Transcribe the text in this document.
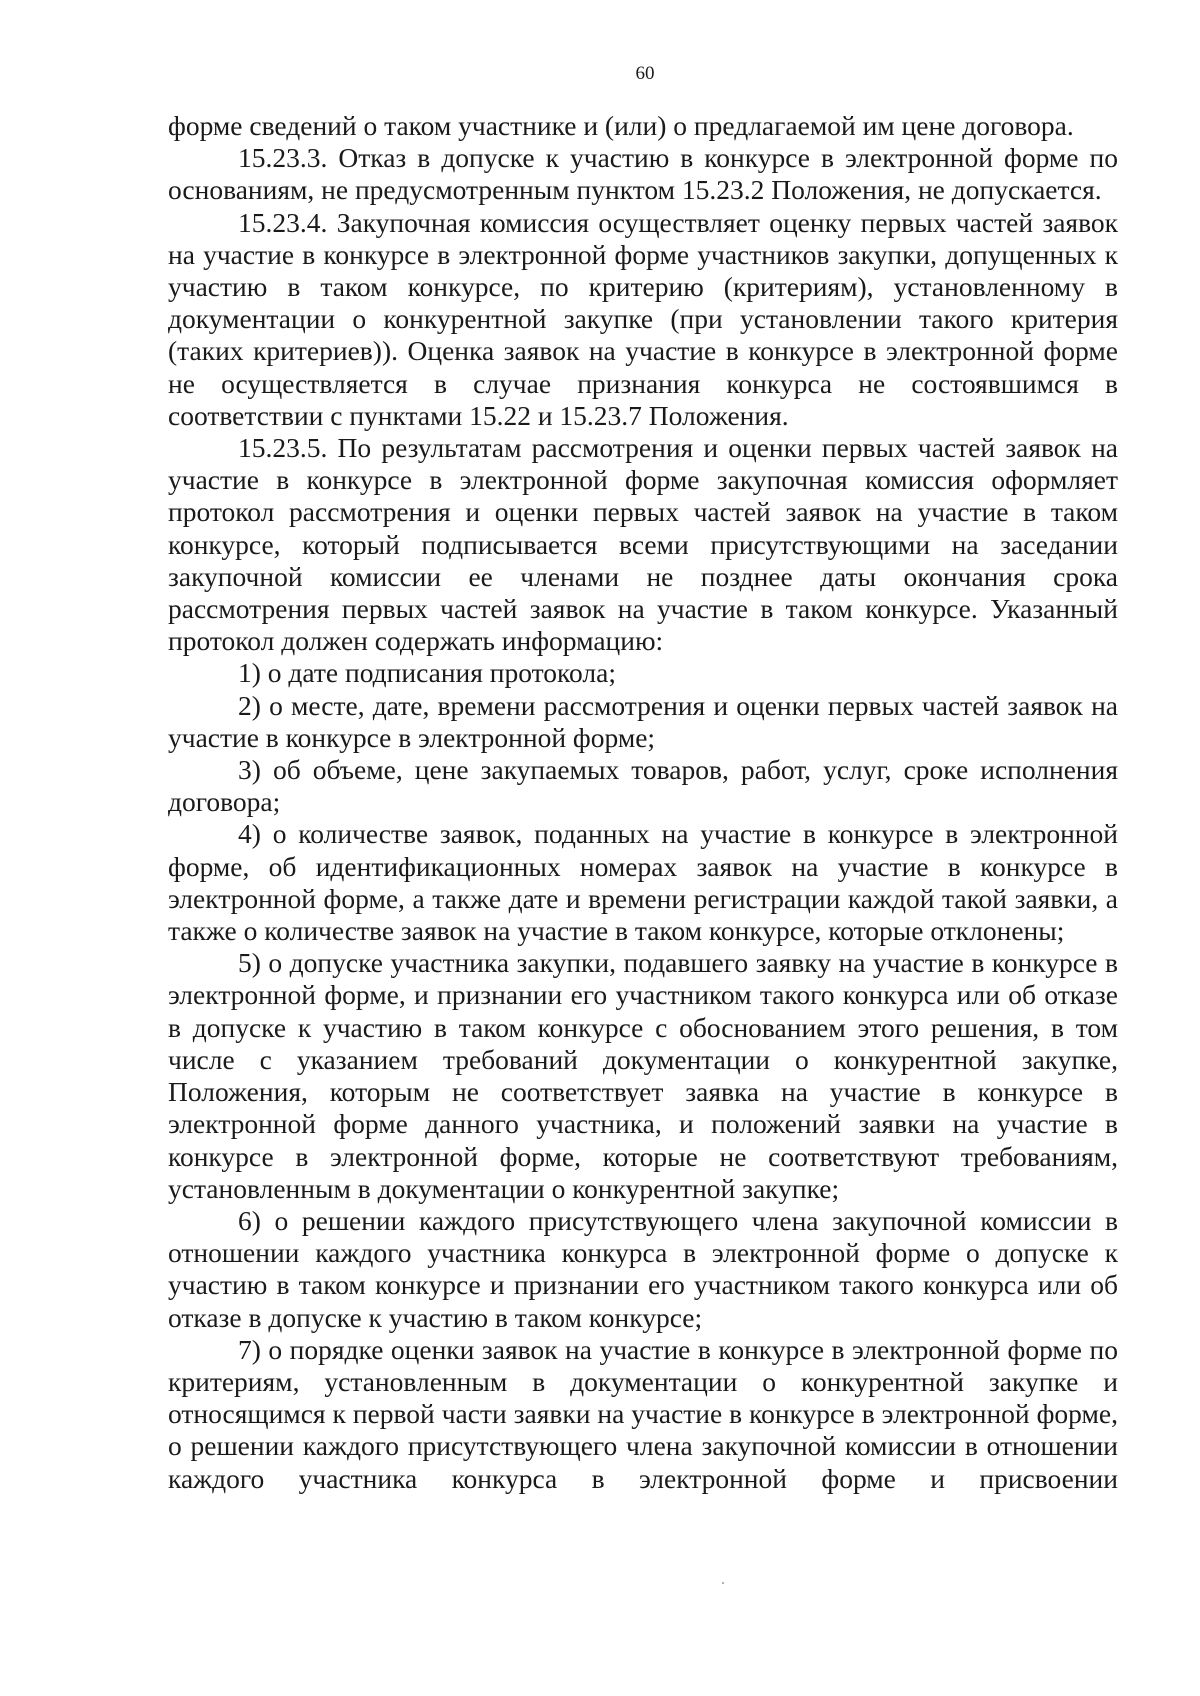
60

форме сведений о таком участнике и (или) о предлагаемой им цене договора.

15.23.3. Отказ в допуске к участию в конкурсе в электронной форме по основаниям, не предусмотренным пунктом 15.23.2 Положения, не допускается.

15.23.4. Закупочная комиссия осуществляет оценку первых частей заявок на участие в конкурсе в электронной форме участников закупки, допущенных к участию в таком конкурсе, по критерию (критериям), установленному в документации о конкурентной закупке (при установлении такого критерия (таких критериев)). Оценка заявок на участие в конкурсе в электронной форме не осуществляется в случае признания конкурса не состоявшимся в соответствии с пунктами 15.22 и 15.23.7 Положения.

15.23.5. По результатам рассмотрения и оценки первых частей заявок на участие в конкурсе в электронной форме закупочная комиссия оформляет протокол рассмотрения и оценки первых частей заявок на участие в таком конкурсе, который подписывается всеми присутствующими на заседании закупочной комиссии ее членами не позднее даты окончания срока рассмотрения первых частей заявок на участие в таком конкурсе. Указанный протокол должен содержать информацию:

1) о дате подписания протокола;

2) о месте, дате, времени рассмотрения и оценки первых частей заявок на участие в конкурсе в электронной форме;

3) об объеме, цене закупаемых товаров, работ, услуг, сроке исполнения договора;

4) о количестве заявок, поданных на участие в конкурсе в электронной форме, об идентификационных номерах заявок на участие в конкурсе в электронной форме, а также дате и времени регистрации каждой такой заявки, а также о количестве заявок на участие в таком конкурсе, которые отклонены;

5) о допуске участника закупки, подавшего заявку на участие в конкурсе в электронной форме, и признании его участником такого конкурса или об отказе в допуске к участию в таком конкурсе с обоснованием этого решения, в том числе с указанием требований документации о конкурентной закупке, Положения, которым не соответствует заявка на участие в конкурсе в электронной форме данного участника, и положений заявки на участие в конкурсе в электронной форме, которые не соответствуют требованиям, установленным в документации о конкурентной закупке;

6) о решении каждого присутствующего члена закупочной комиссии в отношении каждого участника конкурса в электронной форме о допуске к участию в таком конкурсе и признании его участником такого конкурса или об отказе в допуске к участию в таком конкурсе;

7) о порядке оценки заявок на участие в конкурсе в электронной форме по критериям, установленным в документации о конкурентной закупке и относящимся к первой части заявки на участие в конкурсе в электронной форме, о решении каждого присутствующего члена закупочной комиссии в отношении каждого участника конкурса в электронной форме и присвоении
